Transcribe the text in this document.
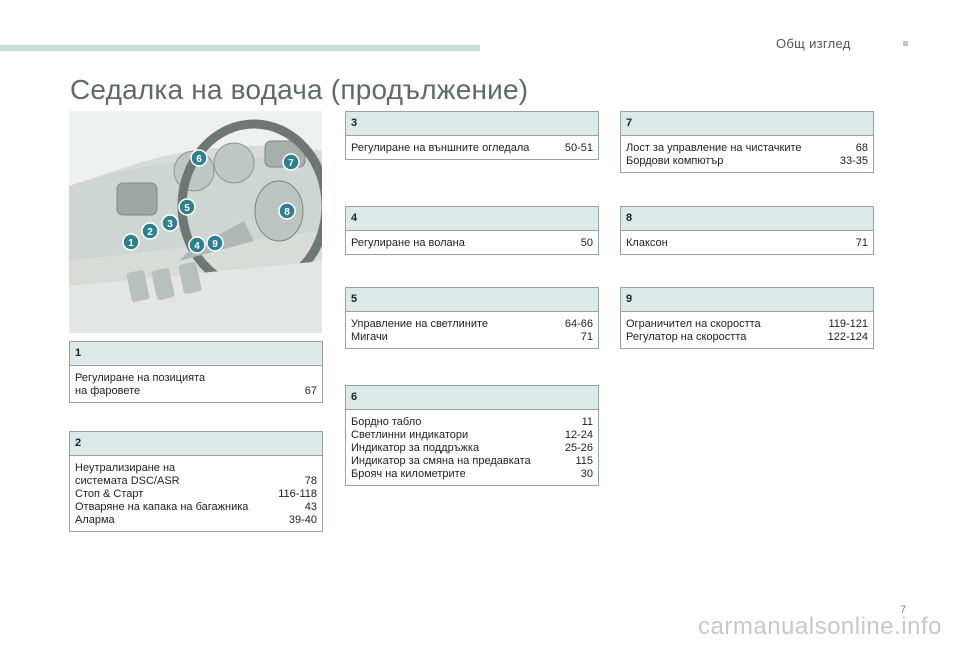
Общ изглед
Седалка на водача (продължение)
1
2
3
4
5
6	7
8
9
1
Регулиране на позицията
на фаровете	67
2
Неутрализиране на
системата DSC/ASR	78
Стоп & Старт	116-118
Отваряне на капака на багажника	43
Аларма	39-40
3
Регулиране на външните огледала	50-51
4
Регулиране на волана	50
5
Управление на светлините	64-66
Мигачи	71
6
Бордно табло	11
Светлинни индикатори	12-24
Индикатор за поддръжка	25-26
Индикатор за смяна на предавката	115
Брояч на километрите	30
7
Лост за управление на чистачките	68
Бордови компютър	33-35
8
Клаксон	71
9
Ограничител на скоростта	119-121
Регулатор на скоростта	122-124
7
carmanualsonline.info
